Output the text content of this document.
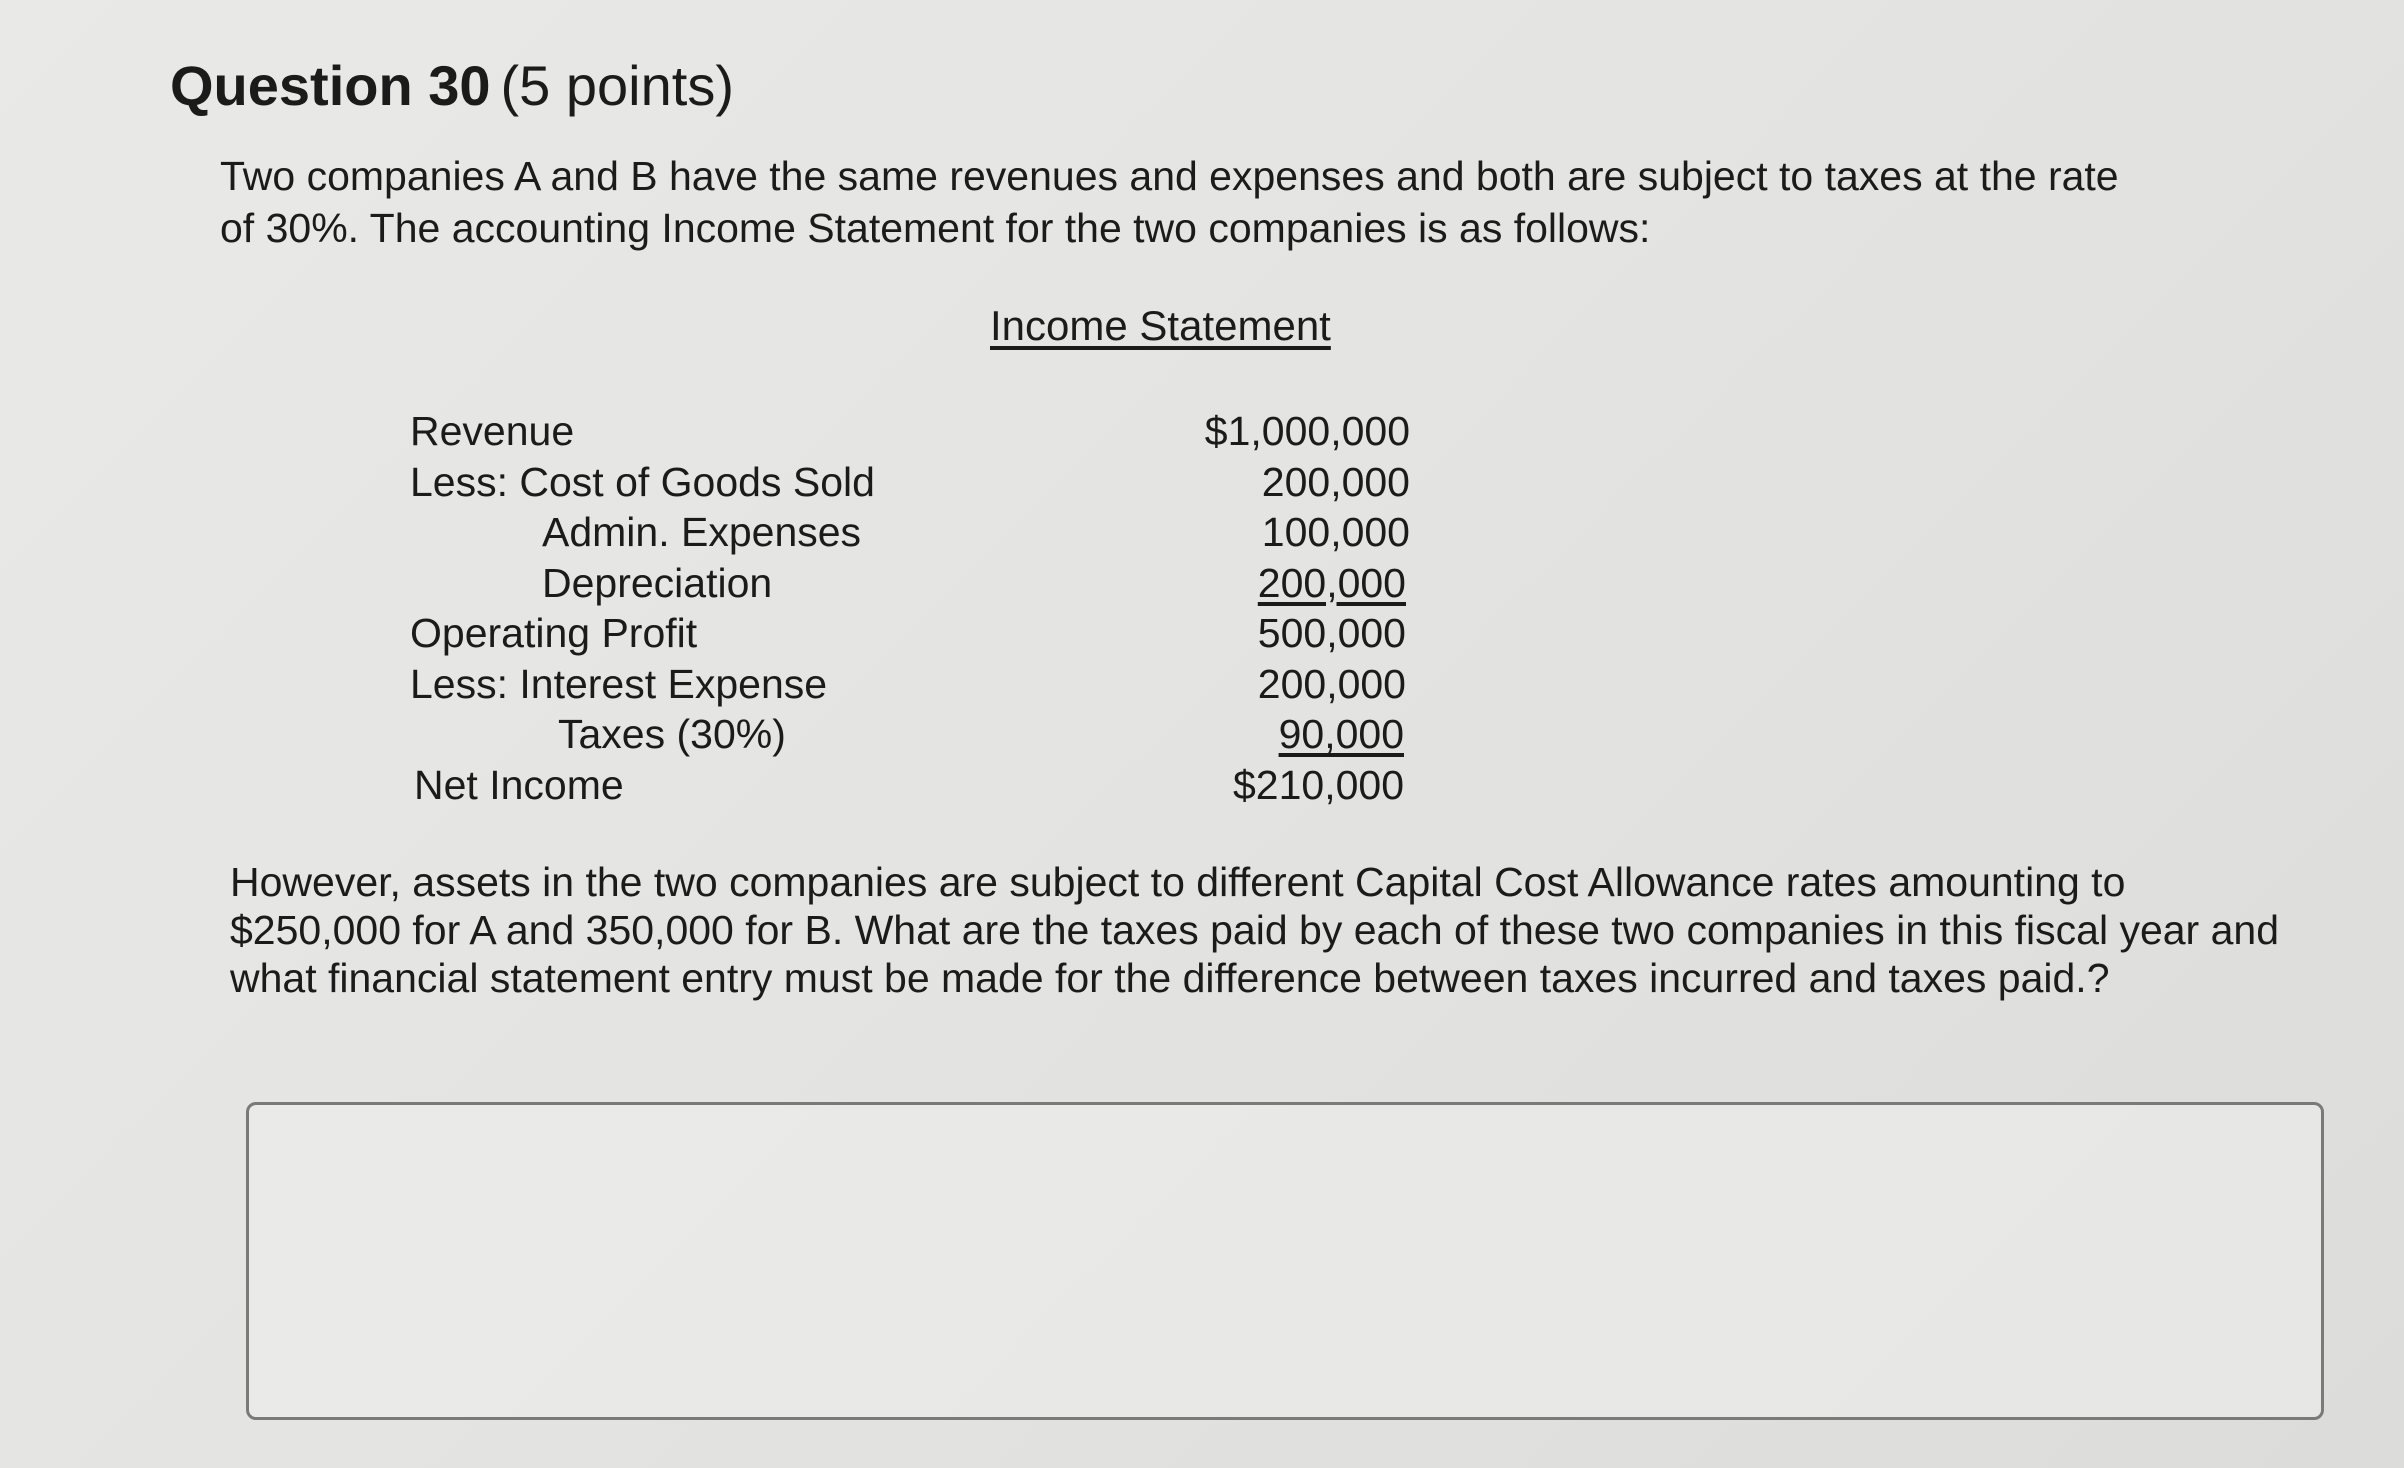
Question 30 (5 points)
Two companies A and B have the same revenues and expenses and both are subject to taxes at the rate of 30%. The accounting Income Statement for the two companies is as follows:
Income Statement
Revenue	$1,000,000
Less: Cost of Goods Sold	200,000
Admin. Expenses	100,000
Depreciation	200,000
Operating Profit	500,000
Less: Interest Expense	200,000
Taxes (30%)	90,000
Net Income	$210,000
However, assets in the two companies are subject to different Capital Cost Allowance rates amounting to $250,000 for A and 350,000 for B. What are the taxes paid by each of these two companies in this fiscal year and what financial statement entry must be made for the difference between taxes incurred and taxes paid.?
